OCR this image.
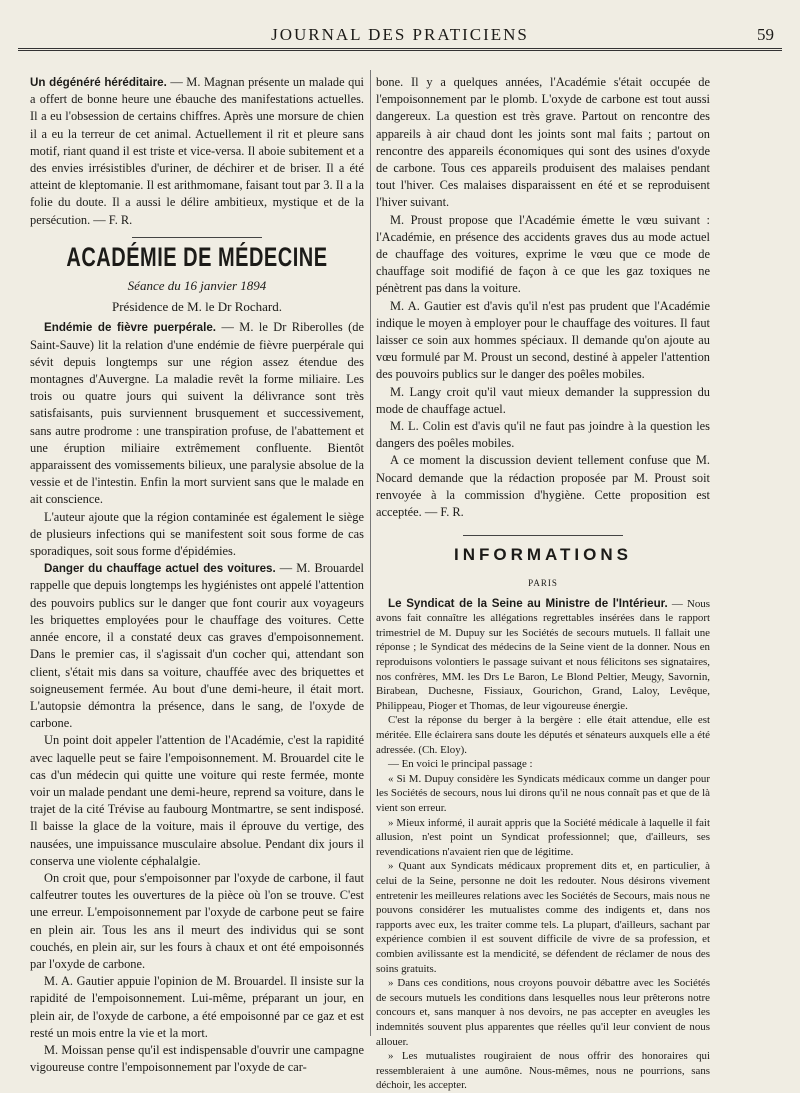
JOURNAL DES PRATICIENS	59

Un dégénéré héréditaire. — M. Magnan présente un malade qui a offert de bonne heure une ébauche des manifestations actuelles. Il a eu l'obsession de certains chiffres. Après une morsure de chien il a eu la terreur de cet animal. Actuellement il rit et pleure sans motif, riant quand il est triste et vice-versa. Il aboie subitement et a des envies irrésistibles d'uriner, de déchirer et de briser. Il a été atteint de kleptomanie. Il est arithmomane, faisant tout par 3. Il a la folie du doute. Il a aussi le délire ambitieux, mystique et de la persécution. — F. R.

ACADÉMIE DE MÉDECINE

Séance du 16 janvier 1894

Présidence de M. le Dr Rochard.

Endémie de fièvre puerpérale. — M. le Dr Riberolles (de Saint-Sauve) lit la relation d'une endémie de fièvre puerpérale qui sévit depuis longtemps sur une région assez étendue des montagnes d'Auvergne. La maladie revêt la forme miliaire. Les trois ou quatre jours qui suivent la délivrance sont très satisfaisants, puis surviennent brusquement et successivement, sans autre prodrome : une transpiration profuse, de l'abattement et une éruption miliaire extrêmement confluente. Bientôt apparaissent des vomissements bilieux, une paralysie absolue de la vessie et de l'intestin. Enfin la mort survient sans que le malade en ait conscience.

L'auteur ajoute que la région contaminée est également le siège de plusieurs infections qui se manifestent soit sous forme de cas sporadiques, soit sous forme d'épidémies.

Danger du chauffage actuel des voitures. — M. Brouardel rappelle que depuis longtemps les hygiénistes ont appelé l'attention des pouvoirs publics sur le danger que font courir aux voyageurs les briquettes employées pour le chauffage des voitures. Cette année encore, il a constaté deux cas graves d'empoisonnement. Dans le premier cas, il s'agissait d'un cocher qui, attendant son client, s'était mis dans sa voiture, chauffée avec des briquettes et soigneusement fermée. Au bout d'une demi-heure, il était mort. L'autopsie démontra la présence, dans le sang, de l'oxyde de carbone.

Un point doit appeler l'attention de l'Académie, c'est la rapidité avec laquelle peut se faire l'empoisonnement. M. Brouardel cite le cas d'un médecin qui quitte une voiture qui reste fermée, monte voir un malade pendant une demi-heure, reprend sa voiture, dans le trajet de la cité Trévise au faubourg Montmartre, se sent indisposé. Il baisse la glace de la voiture, mais il éprouve du vertige, des nausées, une impuissance musculaire absolue. Pendant dix jours il conserva une violente céphalalgie.

On croit que, pour s'empoisonner par l'oxyde de carbone, il faut calfeutrer toutes les ouvertures de la pièce où l'on se trouve. C'est une erreur. L'empoisonnement par l'oxyde de carbone peut se faire en plein air. Tous les ans il meurt des individus qui se sont couchés, en plein air, sur les fours à chaux et ont été empoisonnés par l'oxyde de carbone.

M. A. Gautier appuie l'opinion de M. Brouardel. Il insiste sur la rapidité de l'empoisonnement. Lui-même, préparant un jour, en plein air, de l'oxyde de carbone, a été empoisonné par ce gaz et est resté un mois entre la vie et la mort.

M. Moissan pense qu'il est indispensable d'ouvrir une campagne vigoureuse contre l'empoisonnement par l'oxyde de car-

bone. Il y a quelques années, l'Académie s'était occupée de l'empoisonnement par le plomb. L'oxyde de carbone est tout aussi dangereux. La question est très grave. Partout on rencontre des appareils à air chaud dont les joints sont mal faits ; partout on rencontre des appareils économiques qui sont des usines d'oxyde de carbone. Tous ces appareils produisent des malaises pendant tout l'hiver. Ces malaises disparaissent en été et se reproduisent l'hiver suivant.

M. Proust propose que l'Académie émette le vœu suivant : l'Académie, en présence des accidents graves dus au mode actuel de chauffage des voitures, exprime le vœu que ce mode de chauffage soit modifié de façon à ce que les gaz toxiques ne pénètrent pas dans la voiture.

M. A. Gautier est d'avis qu'il n'est pas prudent que l'Académie indique le moyen à employer pour le chauffage des voitures. Il faut laisser ce soin aux hommes spéciaux. Il demande qu'on ajoute au vœu formulé par M. Proust un second, destiné à appeler l'attention des pouvoirs publics sur le danger des poêles mobiles.

M. Langy croit qu'il vaut mieux demander la suppression du mode de chauffage actuel.

M. L. Colin est d'avis qu'il ne faut pas joindre à la question les dangers des poêles mobiles.

A ce moment la discussion devient tellement confuse que M. Nocard demande que la rédaction proposée par M. Proust soit renvoyée à la commission d'hygiène. Cette proposition est acceptée. — F. R.

INFORMATIONS

PARIS

Le Syndicat de la Seine au Ministre de l'Intérieur. — Nous avons fait connaître les allégations regrettables insérées dans le rapport trimestriel de M. Dupuy sur les Sociétés de secours mutuels. Il fallait une réponse ; le Syndicat des médecins de la Seine vient de la donner. Nous en reproduisons volontiers le passage suivant et nous félicitons ses signataires, nos confrères, MM. les Drs Le Baron, Le Blond Peltier, Meugy, Savornin, Birabean, Duchesne, Fissiaux, Gourichon, Grand, Laloy, Levêque, Philippeau, Pioger et Thomas, de leur vigoureuse énergie.

C'est la réponse du berger à la bergère : elle était attendue, elle est méritée. Elle éclairera sans doute les députés et sénateurs auxquels elle a été adressée. (Ch. Eloy).

— En voici le principal passage :

« Si M. Dupuy considère les Syndicats médicaux comme un danger pour les Sociétés de secours, nous lui dirons qu'il ne nous connaît pas et que de là vient son erreur.

» Mieux informé, il aurait appris que la Société médicale à laquelle il fait allusion, n'est point un Syndicat professionnel; que, d'ailleurs, ses revendications n'avaient rien que de légitime.

» Quant aux Syndicats médicaux proprement dits et, en particulier, à celui de la Seine, personne ne doit les redouter. Nous désirons vivement entretenir les meilleures relations avec les Sociétés de Secours, mais nous ne pouvons considérer les mutualistes comme des indigents et, dans nos rapports avec eux, les traiter comme tels. La plupart, d'ailleurs, sachant par expérience combien il est souvent difficile de vivre de sa profession, et combien avilissante est la mendicité, se défendent de réclamer de nous des soins gratuits.

» Dans ces conditions, nous croyons pouvoir débattre avec les Sociétés de secours mutuels les conditions dans lesquelles nous leur prêterons notre concours et, sans manquer à nos devoirs, ne pas accepter en aveugles les indemnités souvent plus apparentes que réelles qu'il leur convient de nous allouer.

» Les mutualistes rougiraient de nous offrir des honoraires qui ressembleraient à une aumône. Nous-mêmes, nous ne pourrions, sans déchoir, les accepter.
